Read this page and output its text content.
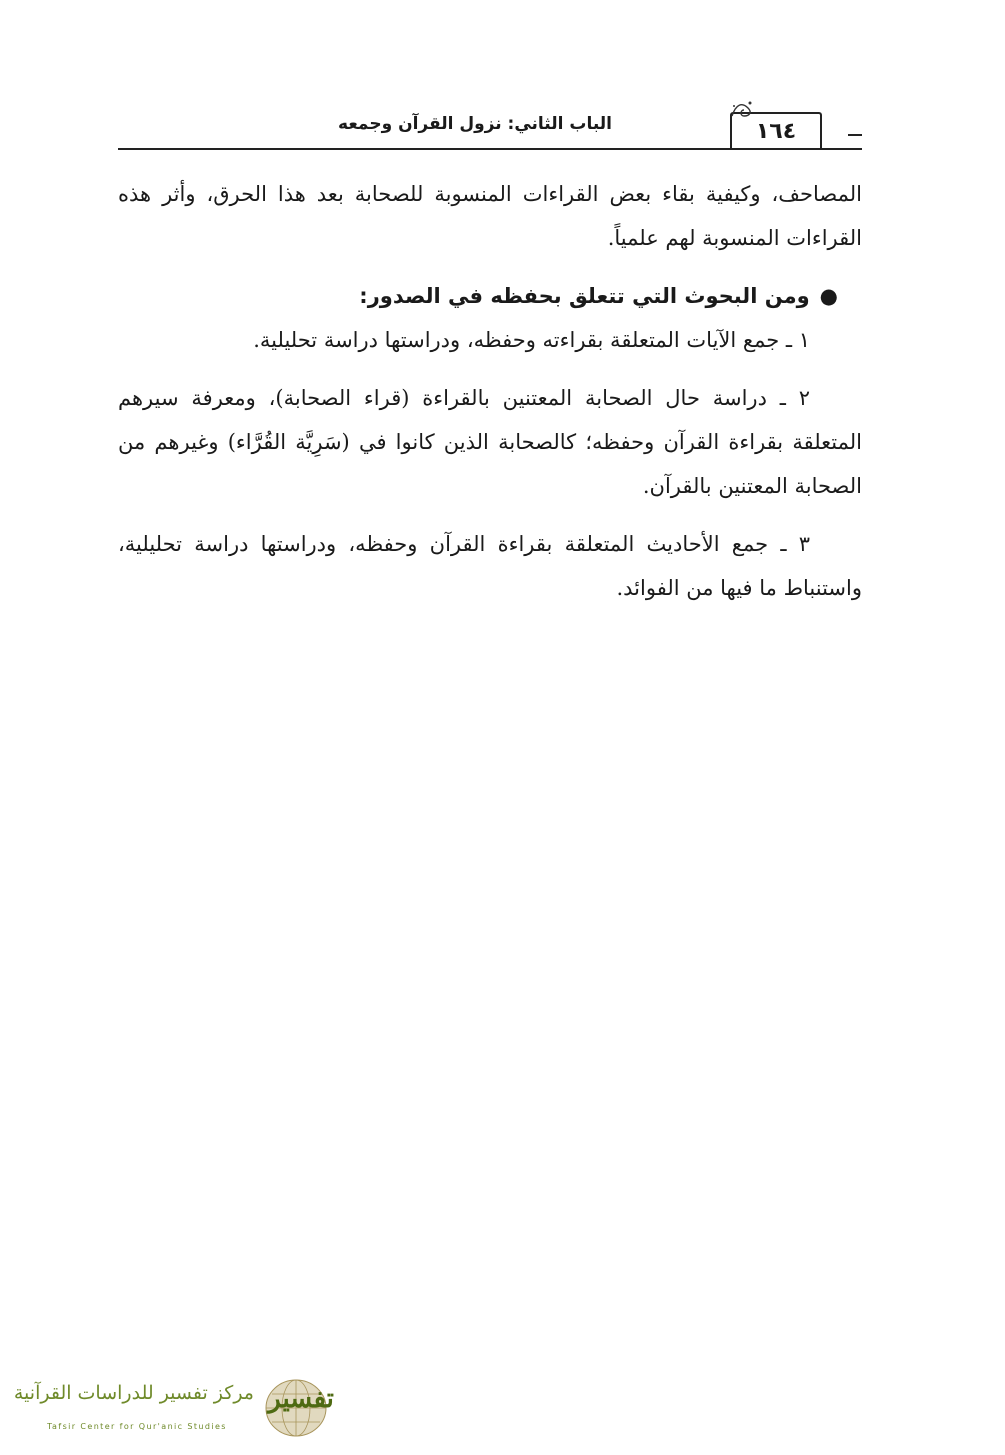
الباب الثاني: نزول القرآن وجمعه	١٦٤

المصاحف، وكيفية بقاء بعض القراءات المنسوبة للصحابة بعد هذا الحرق، وأثر هذه القراءات المنسوبة لهم علمياً.

●ومن البحوث التي تتعلق بحفظه في الصدور:

١ ـ جمع الآيات المتعلقة بقراءته وحفظه، ودراستها دراسة تحليلية.

٢ ـ دراسة حال الصحابة المعتنين بالقراءة (قراء الصحابة)، ومعرفة سيرهم المتعلقة بقراءة القرآن وحفظه؛ كالصحابة الذين كانوا في (سَرِيَّة القُرَّاء) وغيرهم من الصحابة المعتنين بالقرآن.

٣ ـ جمع الأحاديث المتعلقة بقراءة القرآن وحفظه، ودراستها دراسة تحليلية، واستنباط ما فيها من الفوائد.

مركز تفسير للدراسات القرآنية
Tafsir Center for Qur'anic Studies
تفسير
